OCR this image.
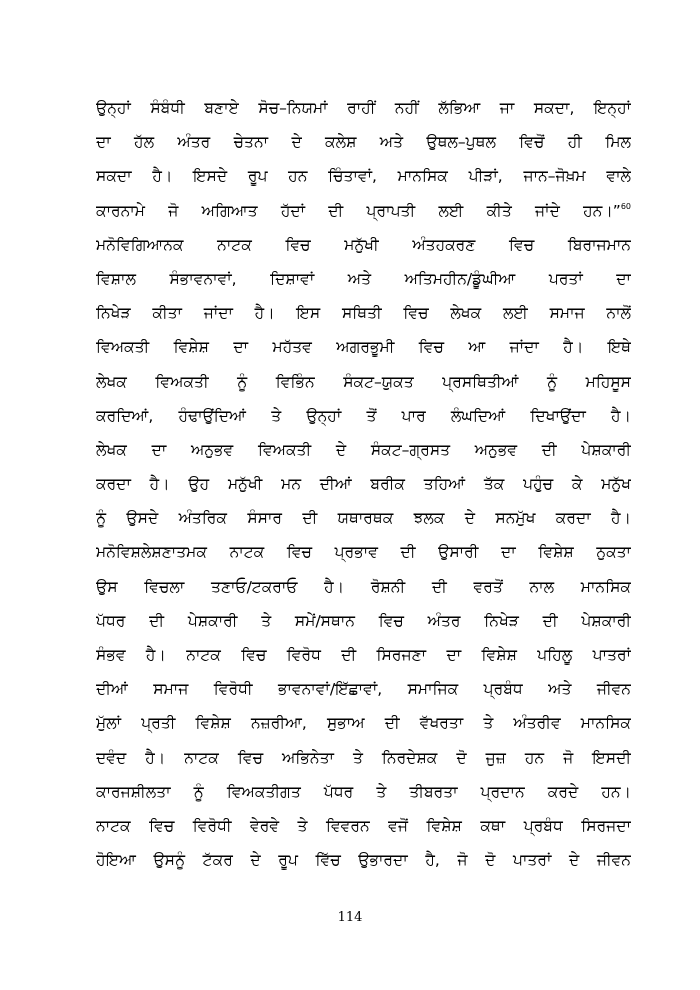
ਉਨ੍ਹਾਂ ਸੰਬੰਧੀ ਬਣਾਏ ਸੋਚ–ਨਿਯਮਾਂ ਰਾਹੀਂ ਨਹੀਂ ਲੱਭਿਆ ਜਾ ਸਕਦਾ, ਇਨ੍ਹਾਂ
ਦਾ ਹੱਲ ਅੰਤਰ ਚੇਤਨਾ ਦੇ ਕਲੇਸ਼ ਅਤੇ ਉਥਲ–ਪੁਥਲ ਵਿਚੋਂ ਹੀ ਮਿਲ
ਸਕਦਾ ਹੈ। ਇਸਦੇ ਰੂਪ ਹਨ ਚਿੰਤਾਵਾਂ, ਮਾਨਸਿਕ ਪੀੜਾਂ, ਜਾਨ–ਜੋਖ਼ਮ ਵਾਲੇ
ਕਾਰਨਾਮੇ ਜੋ ਅਗਿਆਤ ਹੱਦਾਂ ਦੀ ਪ੍ਰਾਪਤੀ ਲਈ ਕੀਤੇ ਜਾਂਦੇ ਹਨ।”$^{60}$
ਮਨੋਵਿਗਿਆਨਕ ਨਾਟਕ ਵਿਚ ਮਨੁੱਖੀ ਅੰਤਹਕਰਣ ਵਿਚ ਬਿਰਾਜਮਾਨ
ਵਿਸ਼ਾਲ ਸੰਭਾਵਨਾਵਾਂ, ਦਿਸ਼ਾਵਾਂ ਅਤੇ ਅਤਿਮਹੀਨ/ਡੂੰਘੀਆ ਪਰਤਾਂ ਦਾ
ਨਿਖੇੜ ਕੀਤਾ ਜਾਂਦਾ ਹੈ। ਇਸ ਸਥਿਤੀ ਵਿਚ ਲੇਖਕ ਲਈ ਸਮਾਜ ਨਾਲੋਂ
ਵਿਅਕਤੀ ਵਿਸ਼ੇਸ਼ ਦਾ ਮਹੱਤਵ ਅਗਰਭੂਮੀ ਵਿਚ ਆ ਜਾਂਦਾ ਹੈ। ਇਥੇ
ਲੇਖਕ ਵਿਅਕਤੀ ਨੂੰ ਵਿਭਿੰਨ ਸੰਕਟ–ਯੁਕਤ ਪ੍ਰਸਥਿਤੀਆਂ ਨੂੰ ਮਹਿਸੂਸ
ਕਰਦਿਆਂ, ਹੰਢਾਉਂਦਿਆਂ ਤੇ ਉਨ੍ਹਾਂ ਤੋਂ ਪਾਰ ਲੰਘਦਿਆਂ ਦਿਖਾਉਂਦਾ ਹੈ।
ਲੇਖਕ ਦਾ ਅਨੁਭਵ ਵਿਅਕਤੀ ਦੇ ਸੰਕਟ–ਗ੍ਰਸਤ ਅਨੁਭਵ ਦੀ ਪੇਸ਼ਕਾਰੀ
ਕਰਦਾ ਹੈ। ਉਹ ਮਨੁੱਖੀ ਮਨ ਦੀਆਂ ਬਰੀਕ ਤਹਿਆਂ ਤੱਕ ਪਹੁੰਚ ਕੇ ਮਨੁੱਖ
ਨੂੰ ਉਸਦੇ ਅੰਤਰਿਕ ਸੰਸਾਰ ਦੀ ਯਥਾਰਥਕ ਝਲਕ ਦੇ ਸਨਮੁੱਖ ਕਰਦਾ ਹੈ।
ਮਨੋਵਿਸ਼ਲੇਸ਼ਣਾਤਮਕ ਨਾਟਕ ਵਿਚ ਪ੍ਰਭਾਵ ਦੀ ਉਸਾਰੀ ਦਾ ਵਿਸ਼ੇਸ਼ ਨੁਕਤਾ
ਉਸ ਵਿਚਲਾ ਤਣਾਓ/ਟਕਰਾਓ ਹੈ। ਰੋਸ਼ਨੀ ਦੀ ਵਰਤੋਂ ਨਾਲ ਮਾਨਸਿਕ
ਪੱਧਰ ਦੀ ਪੇਸ਼ਕਾਰੀ ਤੇ ਸਮੇਂ/ਸਥਾਨ ਵਿਚ ਅੰਤਰ ਨਿਖੇੜ ਦੀ ਪੇਸ਼ਕਾਰੀ
ਸੰਭਵ ਹੈ। ਨਾਟਕ ਵਿਚ ਵਿਰੋਧ ਦੀ ਸਿਰਜਣਾ ਦਾ ਵਿਸ਼ੇਸ਼ ਪਹਿਲੂ ਪਾਤਰਾਂ
ਦੀਆਂ ਸਮਾਜ ਵਿਰੋਧੀ ਭਾਵਨਾਵਾਂ/ਇੱਛਾਵਾਂ, ਸਮਾਜਿਕ ਪ੍ਰਬੰਧ ਅਤੇ ਜੀਵਨ
ਮੁੱਲਾਂ ਪ੍ਰਤੀ ਵਿਸ਼ੇਸ਼ ਨਜ਼ਰੀਆ, ਸੁਭਾਅ ਦੀ ਵੱਖਰਤਾ ਤੇ ਅੰਤਰੀਵ ਮਾਨਸਿਕ
ਦਵੰਦ ਹੈ। ਨਾਟਕ ਵਿਚ ਅਭਿਨੇਤਾ ਤੇ ਨਿਰਦੇਸ਼ਕ ਦੋ ਜੁਜ਼ ਹਨ ਜੋ ਇਸਦੀ
ਕਾਰਜਸ਼ੀਲਤਾ ਨੂੰ ਵਿਅਕਤੀਗਤ ਪੱਧਰ ਤੇ ਤੀਬਰਤਾ ਪ੍ਰਦਾਨ ਕਰਦੇ ਹਨ।
ਨਾਟਕ ਵਿਚ ਵਿਰੋਧੀ ਵੇਰਵੇ ਤੇ ਵਿਵਰਨ ਵਜੋਂ ਵਿਸ਼ੇਸ਼ ਕਥਾ ਪ੍ਰਬੰਧ ਸਿਰਜਦਾ
ਹੋਇਆ ਉਸਨੂੰ ਟੱਕਰ ਦੇ ਰੂਪ ਵਿੱਚ ਉਭਾਰਦਾ ਹੈ, ਜੋ ਦੋ ਪਾਤਰਾਂ ਦੇ ਜੀਵਨ
114
